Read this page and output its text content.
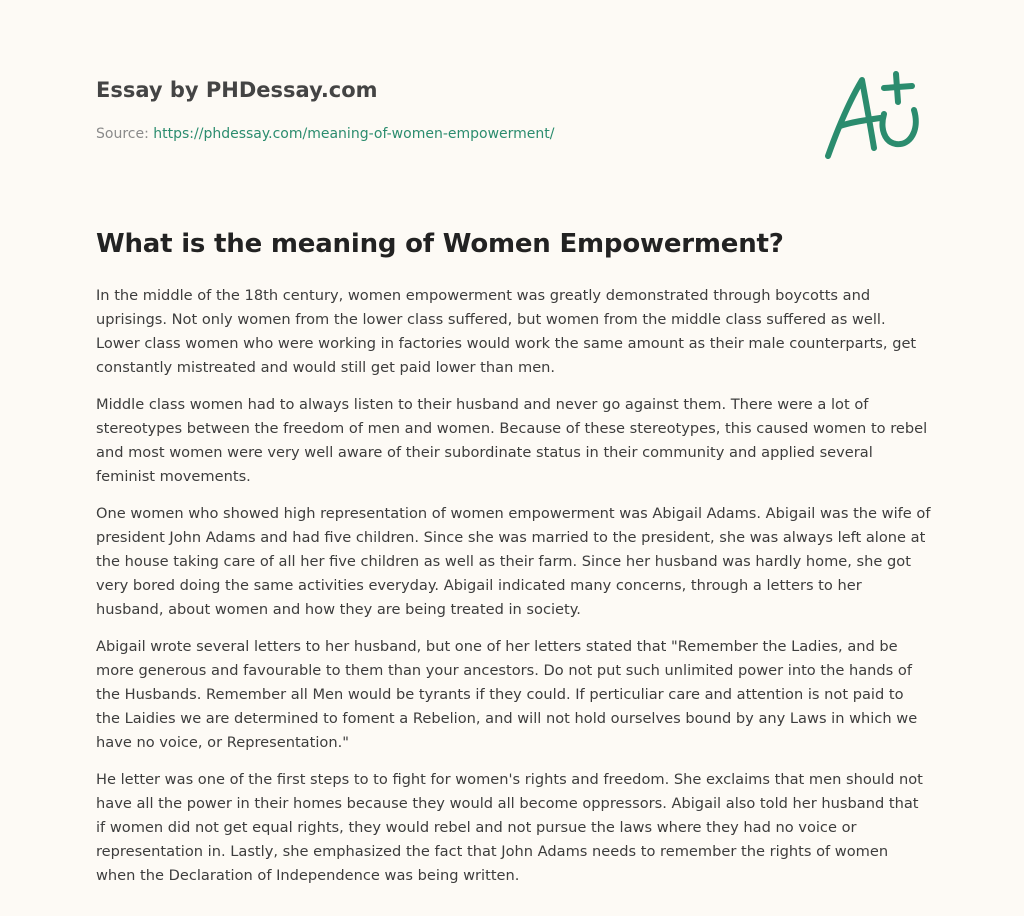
Essay by PHDessay.com
Source: https://phdessay.com/meaning-of-women-empowerment/
What is the meaning of Women Empowerment?

In the middle of the 18th century, women empowerment was greatly demonstrated through boycotts and uprisings. Not only women from the lower class suffered, but women from the middle class suffered as well. Lower class women who were working in factories would work the same amount as their male counterparts, get constantly mistreated and would still get paid lower than men.

Middle class women had to always listen to their husband and never go against them. There were a lot of stereotypes between the freedom of men and women. Because of these stereotypes, this caused women to rebel and most women were very well aware of their subordinate status in their community and applied several feminist movements.

One women who showed high representation of women empowerment was Abigail Adams. Abigail was the wife of president John Adams and had five children. Since she was married to the president, she was always left alone at the house taking care of all her five children as well as their farm. Since her husband was hardly home, she got very bored doing the same activities everyday. Abigail indicated many concerns, through a letters to her husband, about women and how they are being treated in society.

Abigail wrote several letters to her husband, but one of her letters stated that "Remember the Ladies, and be more generous and favourable to them than your ancestors. Do not put such unlimited power into the hands of the Husbands. Remember all Men would be tyrants if they could. If perticuliar care and attention is not paid to the Laidies we are determined to foment a Rebelion, and will not hold ourselves bound by any Laws in which we have no voice, or Representation."

He letter was one of the first steps to to fight for women's rights and freedom. She exclaims that men should not have all the power in their homes because they would all become oppressors. Abigail also told her husband that if women did not get equal rights, they would rebel and not pursue the laws where they had no voice or representation in. Lastly, she emphasized the fact that John Adams needs to remember the rights of women when the Declaration of Independence was being written.
